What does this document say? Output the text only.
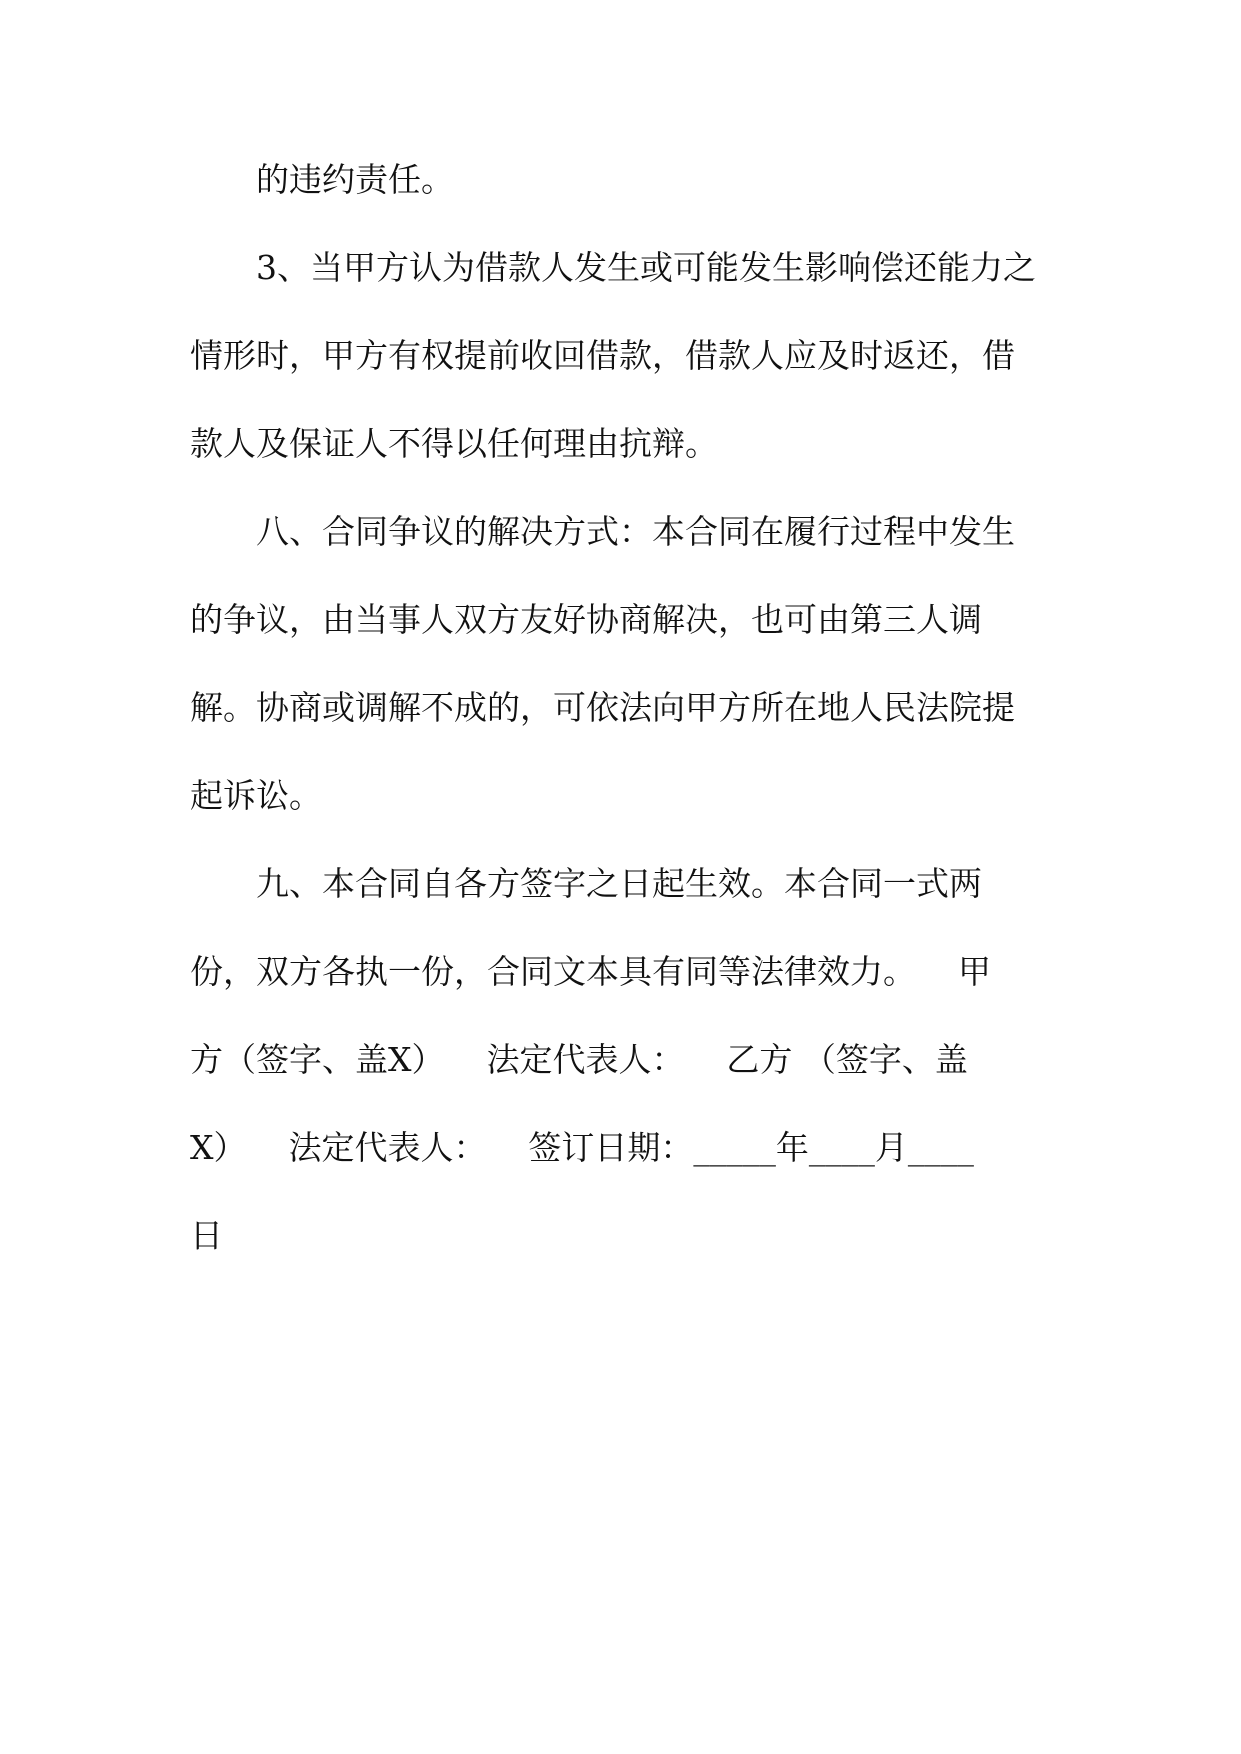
的违约责任。

3、当甲方认为借款人发生或可能发生影响偿还能力之

情形时，甲方有权提前收回借款，借款人应及时返还，借

款人及保证人不得以任何理由抗辩。

八、合同争议的解决方式：本合同在履行过程中发生

的争议，由当事人双方友好协商解决，也可由第三人调

解。协商或调解不成的，可依法向甲方所在地人民法院提

起诉讼。

九、本合同自各方签字之日起生效。本合同一式两

份，双方各执一份，合同文本具有同等法律效力。    甲

方（签字、盖X）    法定代表人：    乙方 （签字、盖

X）    法定代表人：    签订日期：_____年____月____

日
